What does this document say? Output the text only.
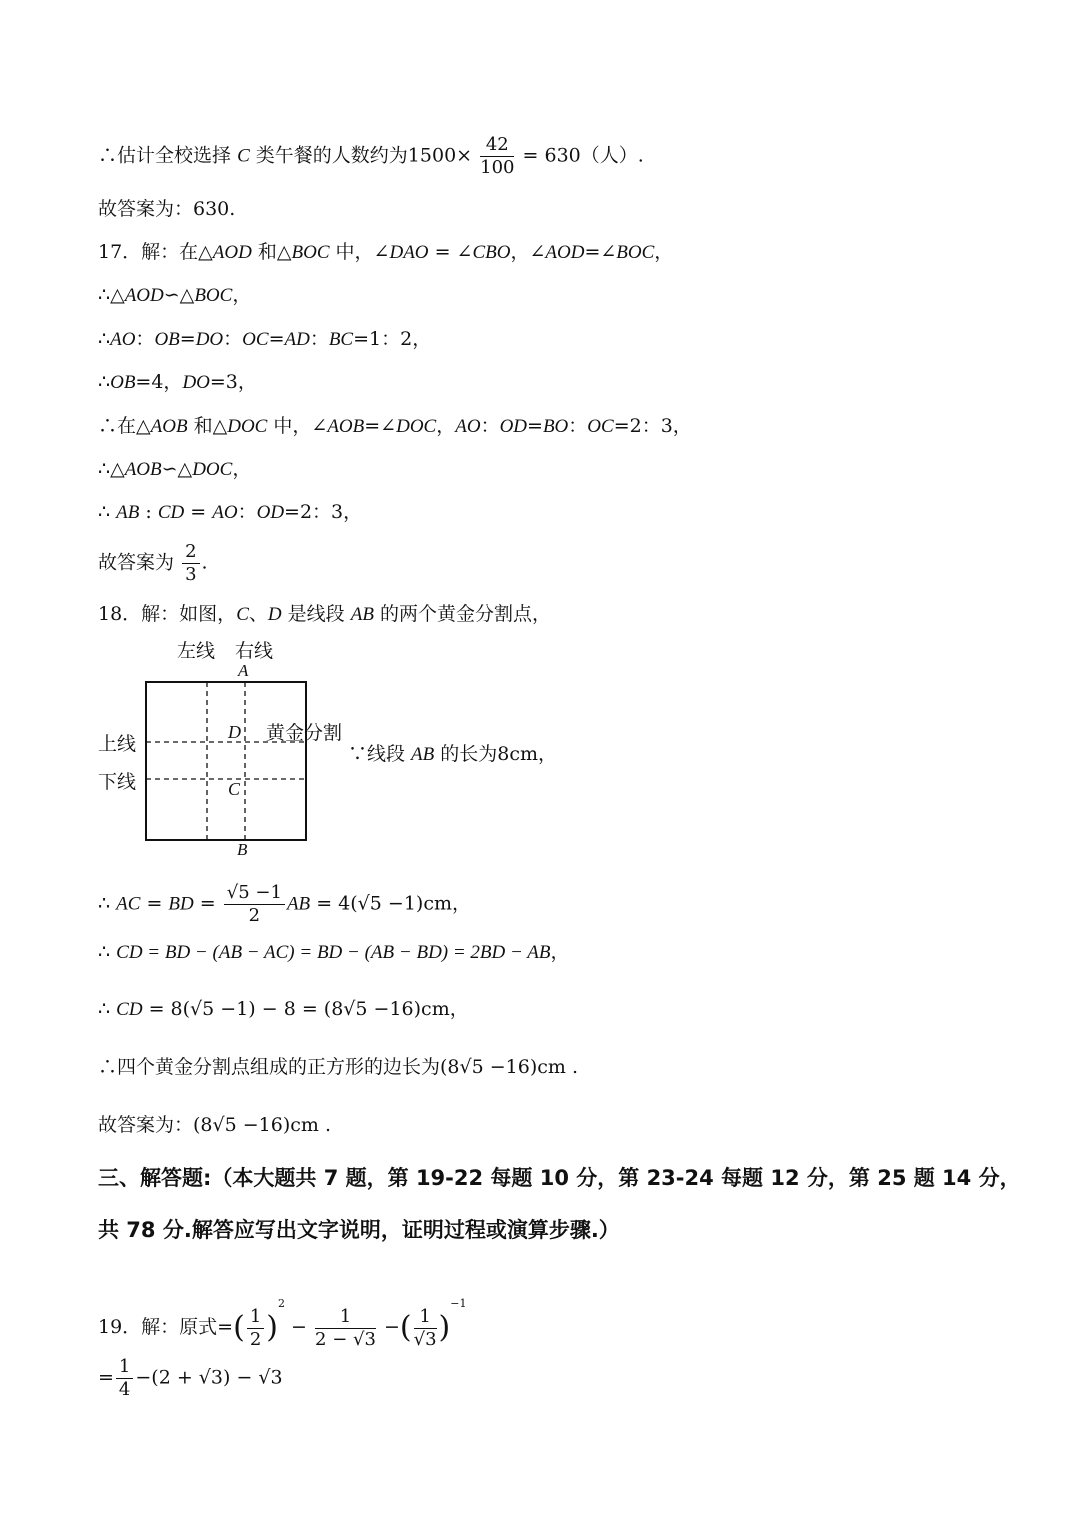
∴估计全校选择 C 类午餐的人数约为$1500\times \frac{42}{100} = 630$（人）.
故答案为：630.
17．解：在△AOD 和△BOC 中，∠DAO = ∠CBO，∠AOD=∠BOC，
∴△AOD∽△BOC，
∴AO：OB=DO：OC=AD：BC=1：2，
∴OB=4，DO=3，
∴在△AOB 和△DOC 中，∠AOB=∠DOC，AO：OD=BO：OC=2：3，
∴△AOB∽△DOC，
∴ AB : CD = AO：OD=2：3，
故答案为 $\frac{2}{3}$ .
18．解：如图，C、D 是线段 AB 的两个黄金分割点，
左线 右线
A
上线
下线
D 黄金分割
C
B
∵线段 AB 的长为8cm，
∴ AC = BD = $\frac{√5 -1}{2}$ AB = 4(√5 −1)cm，
∴ CD = BD − (AB − AC) = BD − (AB − BD) = 2BD − AB，
∴ CD = 8(√5 −1) − 8 = (8√5 −16)cm，
∴四个黄金分割点组成的正方形的边长为(8√5 −16)cm .
故答案为：(8√5 −16)cm .
三、解答题:（本大题共 7 题，第 19-22 每题 10 分，第 23-24 每题 12 分，第 25 题 14 分，
共 78 分.解答应写出文字说明，证明过程或演算步骤.）
19．解：原式=( $\frac{1}{2} )^2 - \frac{1}{2 - √3}$ −( $\frac{1}{√3} )^{-1}$
= $\frac{1}{4} -(2 + √3) - √3$
